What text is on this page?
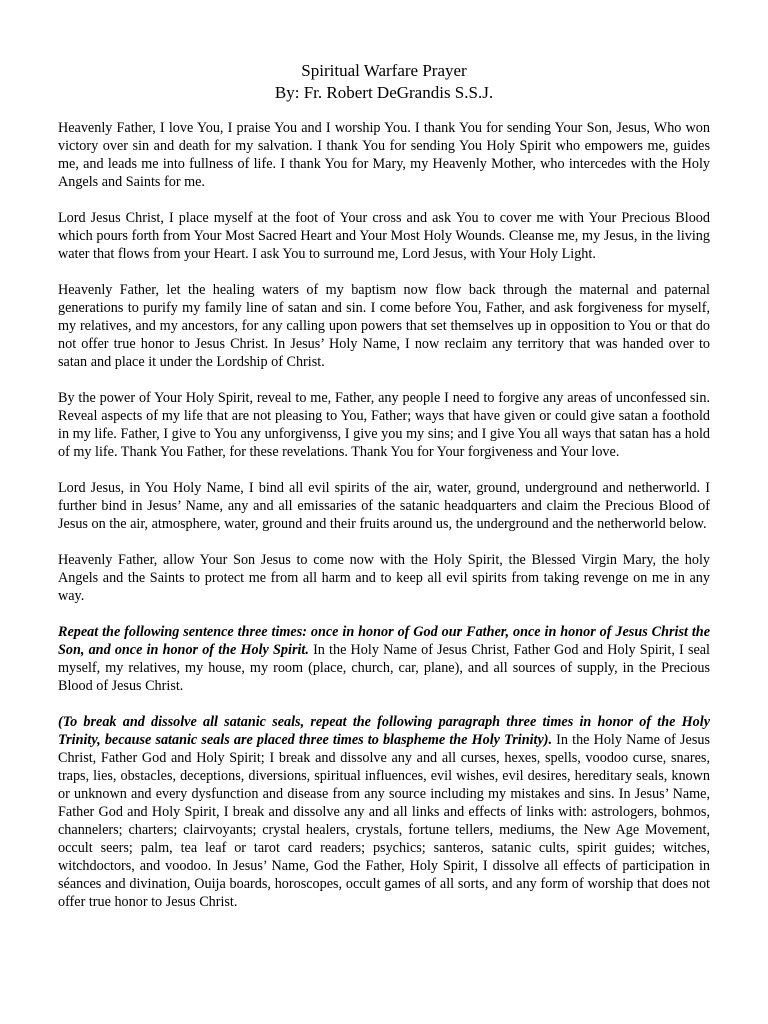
Spiritual Warfare Prayer
By: Fr. Robert DeGrandis S.S.J.

Heavenly Father, I love You, I praise You and I worship You. I thank You for sending Your Son, Jesus, Who won victory over sin and death for my salvation. I thank You for sending You Holy Spirit who empowers me, guides me, and leads me into fullness of life. I thank You for Mary, my Heavenly Mother, who intercedes with the Holy Angels and Saints for me.

Lord Jesus Christ, I place myself at the foot of Your cross and ask You to cover me with Your Precious Blood which pours forth from Your Most Sacred Heart and Your Most Holy Wounds. Cleanse me, my Jesus, in the living water that flows from your Heart. I ask You to surround me, Lord Jesus, with Your Holy Light.

Heavenly Father, let the healing waters of my baptism now flow back through the maternal and paternal generations to purify my family line of satan and sin. I come before You, Father, and ask forgiveness for myself, my relatives, and my ancestors, for any calling upon powers that set themselves up in opposition to You or that do not offer true honor to Jesus Christ. In Jesus’ Holy Name, I now reclaim any territory that was handed over to satan and place it under the Lordship of Christ.

By the power of Your Holy Spirit, reveal to me, Father, any people I need to forgive any areas of unconfessed sin. Reveal aspects of my life that are not pleasing to You, Father; ways that have given or could give satan a foothold in my life. Father, I give to You any unforgivenss, I give you my sins; and I give You all ways that satan has a hold of my life. Thank You Father, for these revelations. Thank You for Your forgiveness and Your love.

Lord Jesus, in You Holy Name, I bind all evil spirits of the air, water, ground, underground and netherworld. I further bind in Jesus’ Name, any and all emissaries of the satanic headquarters and claim the Precious Blood of Jesus on the air, atmosphere, water, ground and their fruits around us, the underground and the netherworld below.

Heavenly Father, allow Your Son Jesus to come now with the Holy Spirit, the Blessed Virgin Mary, the holy Angels and the Saints to protect me from all harm and to keep all evil spirits from taking revenge on me in any way.

Repeat the following sentence three times: once in honor of God our Father, once in honor of Jesus Christ the Son, and once in honor of the Holy Spirit. In the Holy Name of Jesus Christ, Father God and Holy Spirit, I seal myself, my relatives, my house, my room (place, church, car, plane), and all sources of supply, in the Precious Blood of Jesus Christ.

(To break and dissolve all satanic seals, repeat the following paragraph three times in honor of the Holy Trinity, because satanic seals are placed three times to blaspheme the Holy Trinity). In the Holy Name of Jesus Christ, Father God and Holy Spirit; I break and dissolve any and all curses, hexes, spells, voodoo curse, snares, traps, lies, obstacles, deceptions, diversions, spiritual influences, evil wishes, evil desires, hereditary seals, known or unknown and every dysfunction and disease from any source including my mistakes and sins. In Jesus’ Name, Father God and Holy Spirit, I break and dissolve any and all links and effects of links with: astrologers, bohmos, channelers; charters; clairvoyants; crystal healers, crystals, fortune tellers, mediums, the New Age Movement, occult seers; palm, tea leaf or tarot card readers; psychics; santeros, satanic cults, spirit guides; witches, witchdoctors, and voodoo. In Jesus’ Name, God the Father, Holy Spirit, I dissolve all effects of participation in séances and divination, Ouija boards, horoscopes, occult games of all sorts, and any form of worship that does not offer true honor to Jesus Christ.
